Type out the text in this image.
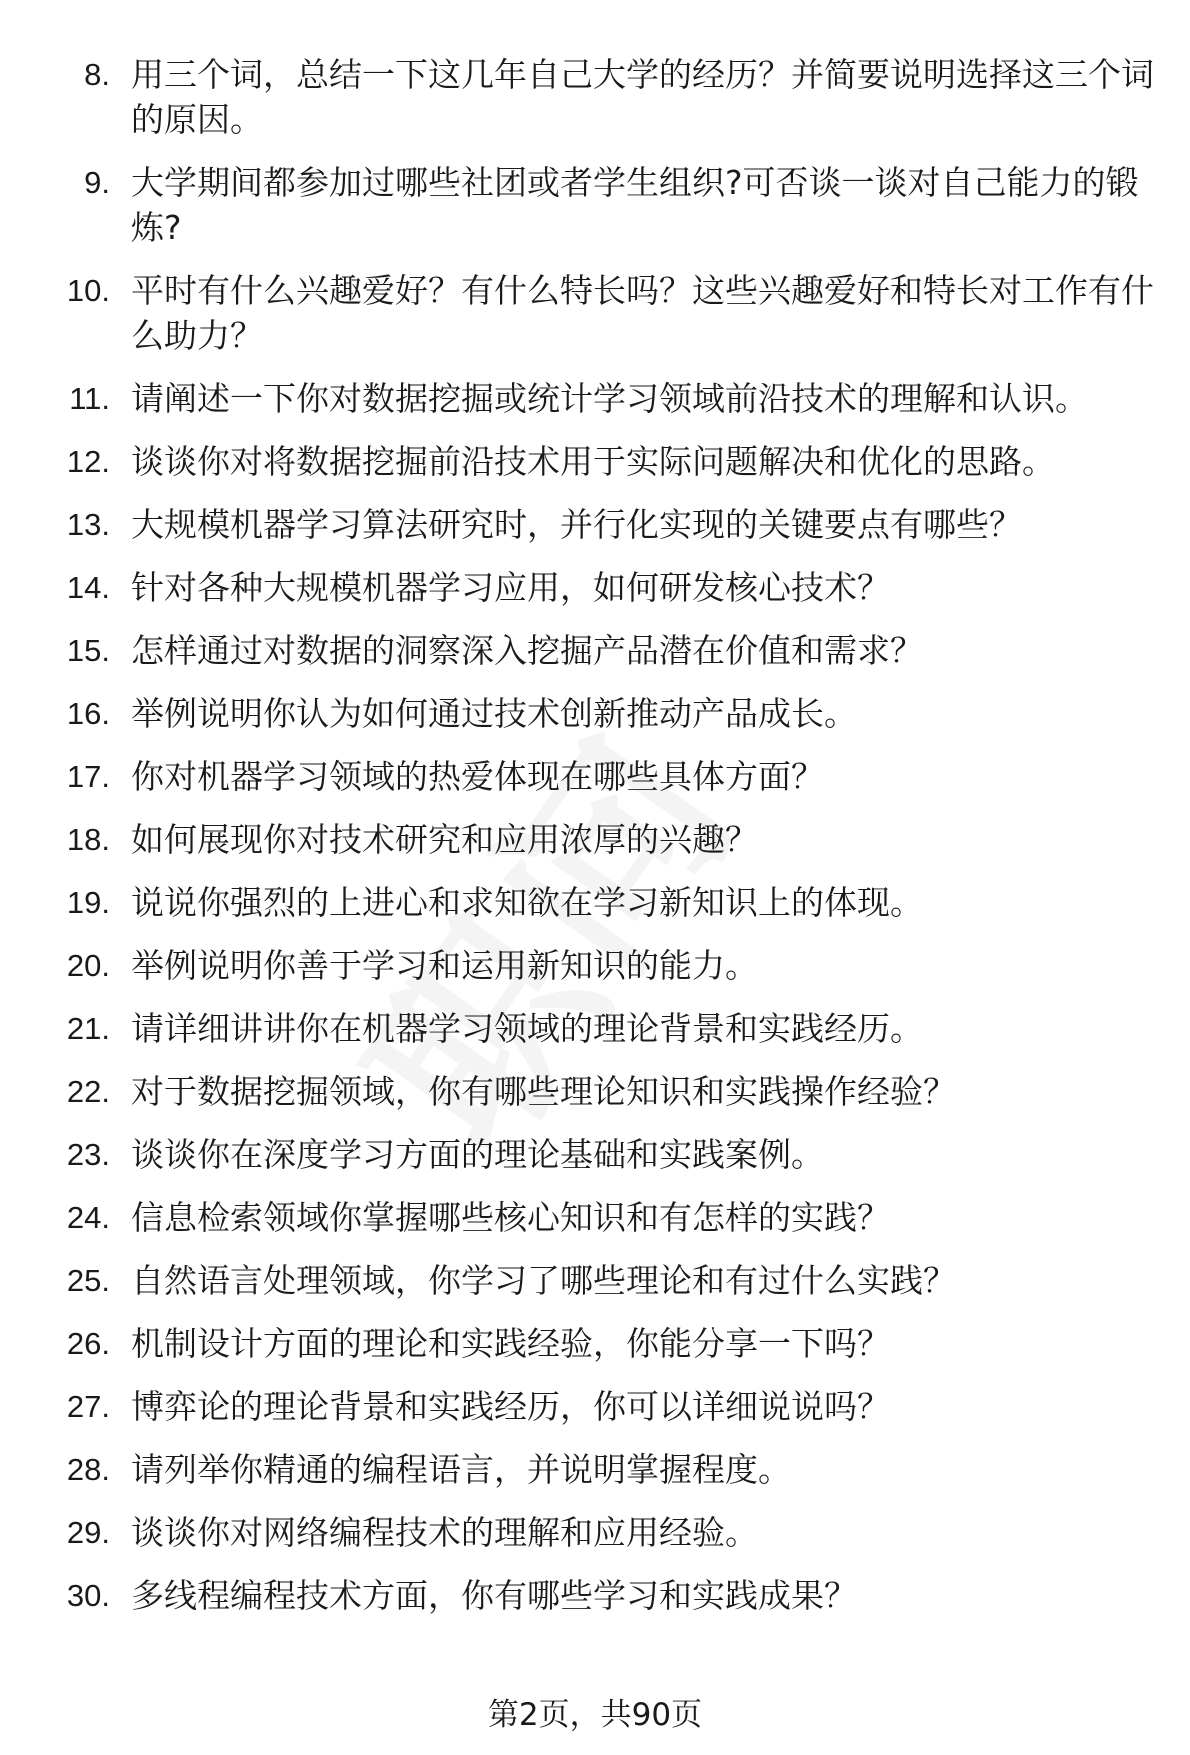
8. 用三个词，总结一下这几年自己大学的经历？并简要说明选择这三个词的原因。
9. 大学期间都参加过哪些社团或者学生组织?可否谈一谈对自己能力的锻炼?
10. 平时有什么兴趣爱好？有什么特长吗？这些兴趣爱好和特长对工作有什么助力？
11. 请阐述一下你对数据挖掘或统计学习领域前沿技术的理解和认识。
12. 谈谈你对将数据挖掘前沿技术用于实际问题解决和优化的思路。
13. 大规模机器学习算法研究时，并行化实现的关键要点有哪些？
14. 针对各种大规模机器学习应用，如何研发核心技术？
15. 怎样通过对数据的洞察深入挖掘产品潜在价值和需求？
16. 举例说明你认为如何通过技术创新推动产品成长。
17. 你对机器学习领域的热爱体现在哪些具体方面？
18. 如何展现你对技术研究和应用浓厚的兴趣？
19. 说说你强烈的上进心和求知欲在学习新知识上的体现。
20. 举例说明你善于学习和运用新知识的能力。
21. 请详细讲讲你在机器学习领域的理论背景和实践经历。
22. 对于数据挖掘领域，你有哪些理论知识和实践操作经验？
23. 谈谈你在深度学习方面的理论基础和实践案例。
24. 信息检索领域你掌握哪些核心知识和有怎样的实践？
25. 自然语言处理领域，你学习了哪些理论和有过什么实践？
26. 机制设计方面的理论和实践经验，你能分享一下吗？
27. 博弈论的理论背景和实践经历，你可以详细说说吗？
28. 请列举你精通的编程语言，并说明掌握程度。
29. 谈谈你对网络编程技术的理解和应用经验。
30. 多线程编程技术方面，你有哪些学习和实践成果？
第2页，共90页
